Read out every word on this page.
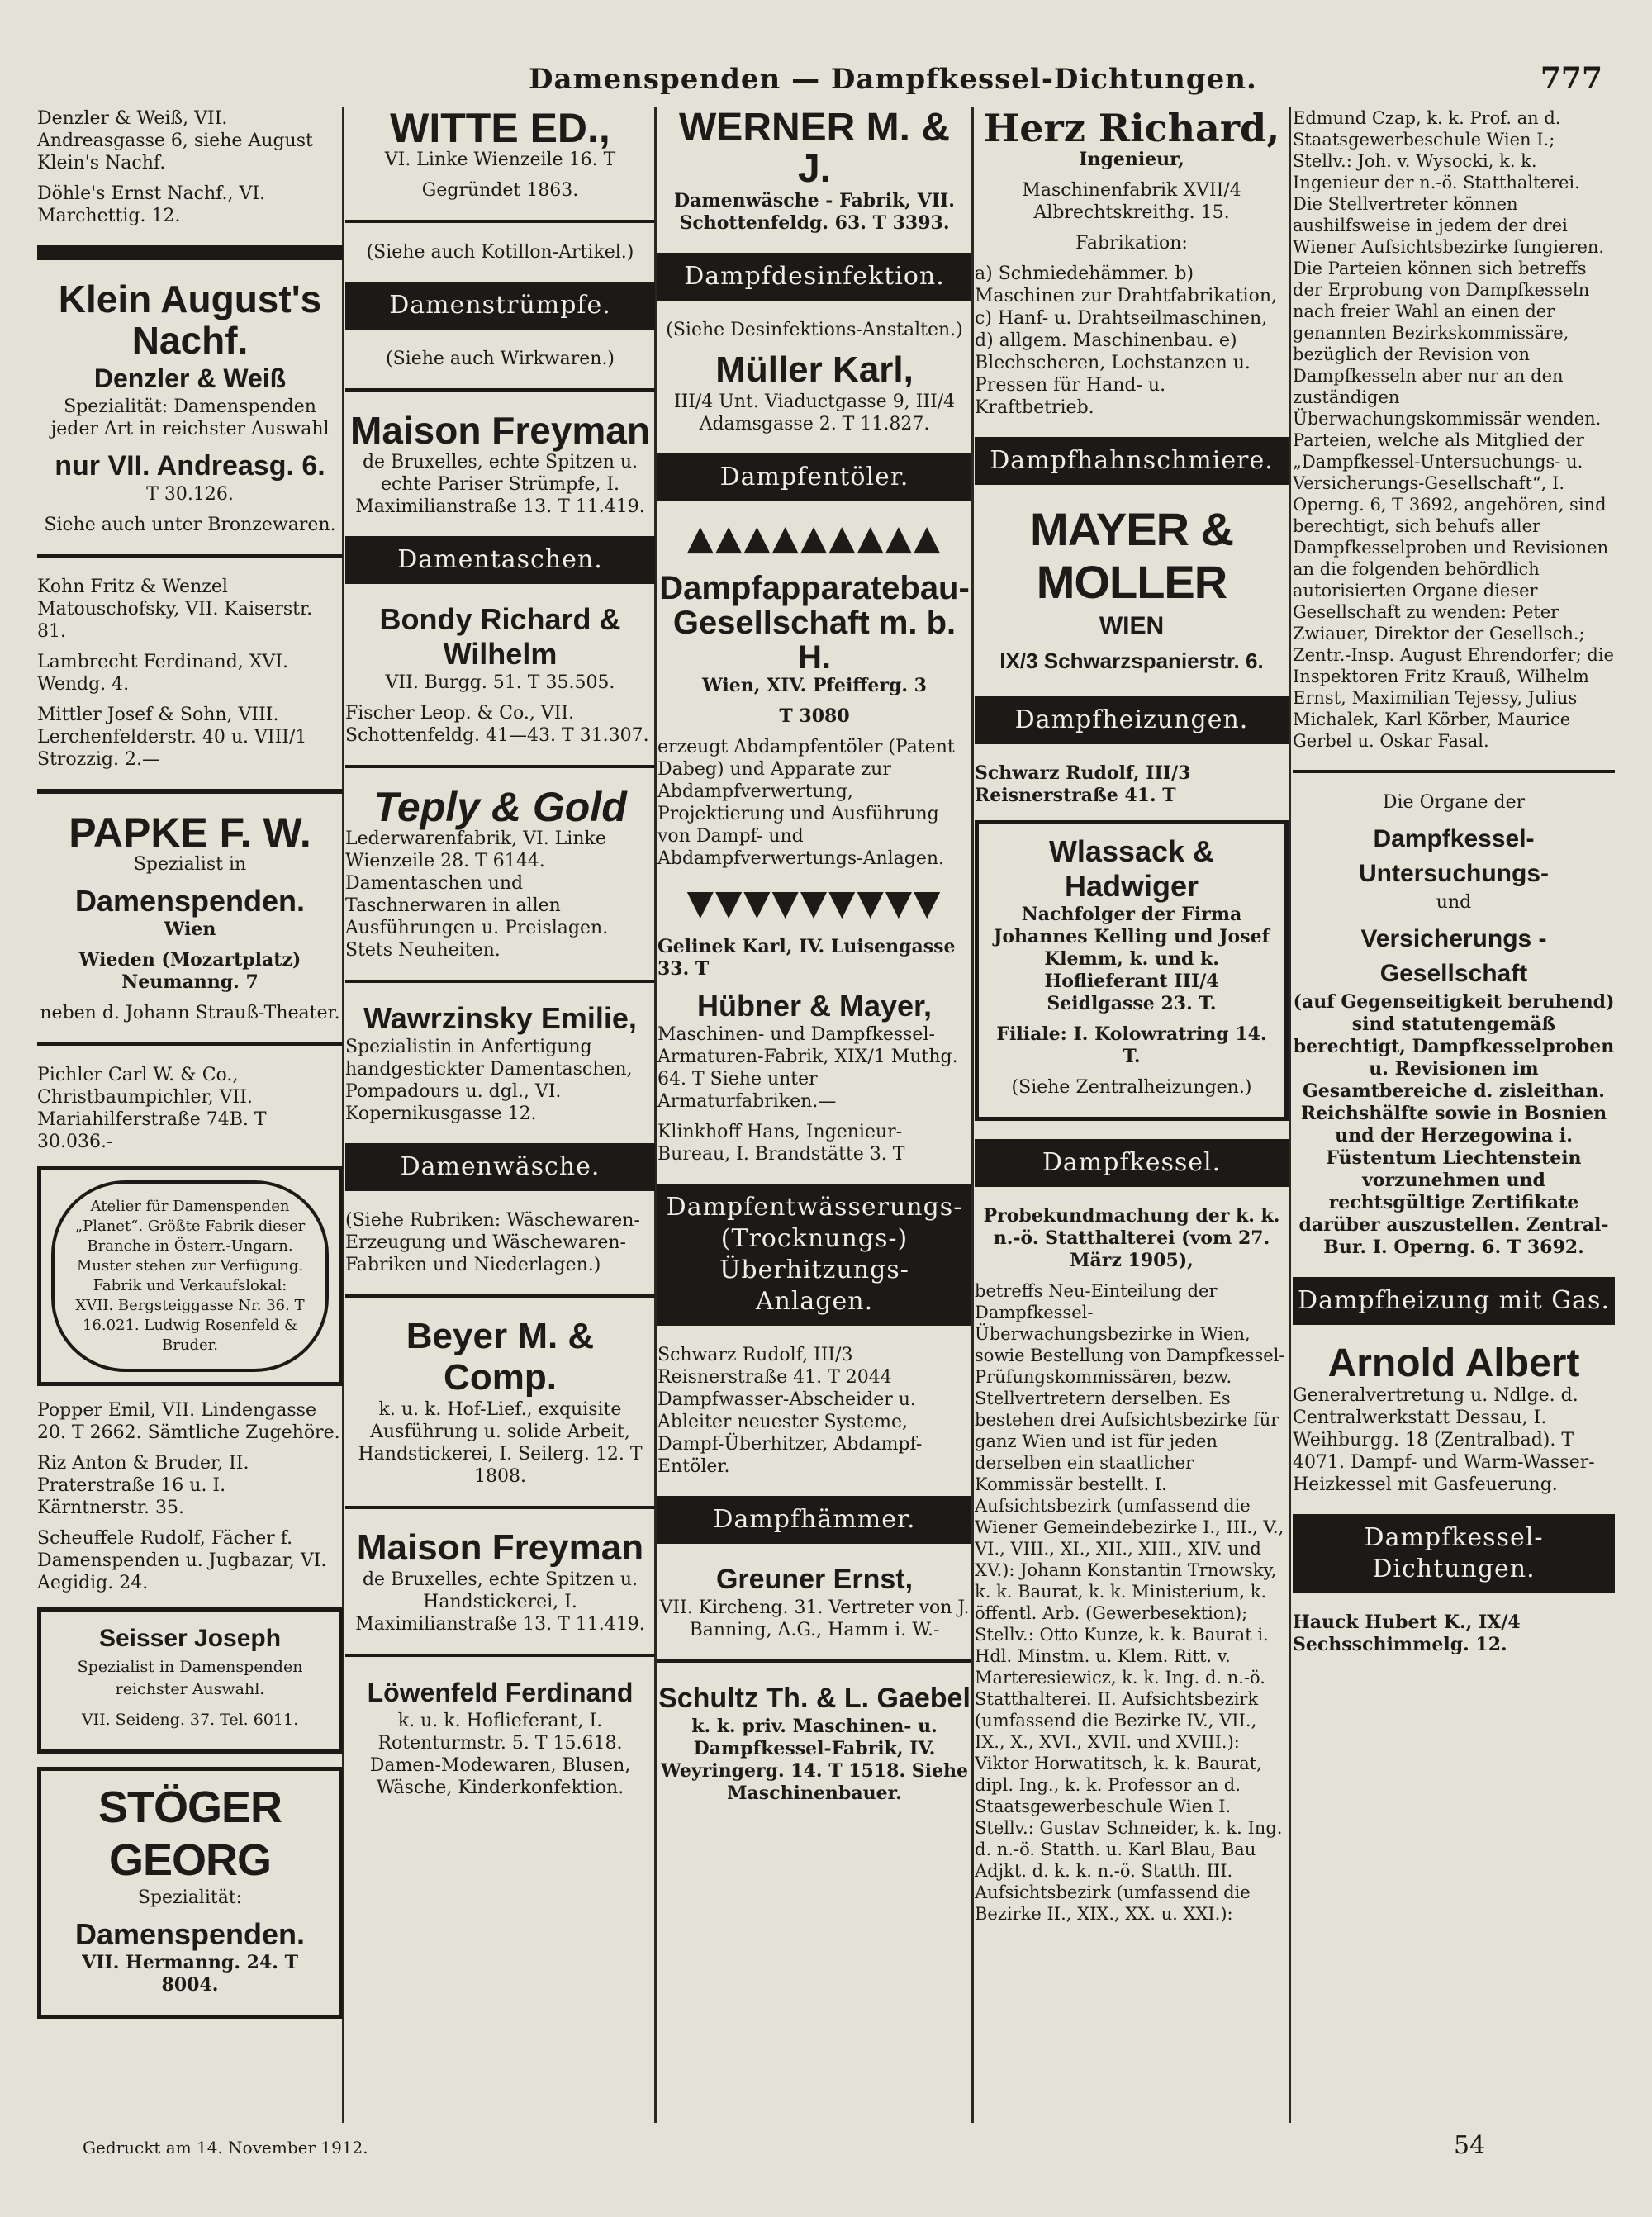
Damenspenden — Dampfkessel-Dichtungen.	777

Denzler & Weiß, VII. Andreasgasse 6, siehe August Klein's Nachf.

Döhle's Ernst Nachf., VI. Marchettig. 12.

Klein August's Nachf.
Denzler & Weiß
Spezialität: Damenspenden jeder Art in reichster Auswahl
nur VII. Andreasg. 6.
T 30.126.
Siehe auch unter Bronzewaren.

Kohn Fritz & Wenzel Matouschofsky, VII. Kaiserstr. 81.

Lambrecht Ferdinand, XVI. Wendg. 4.

Mittler Josef & Sohn, VIII. Lerchenfelderstr. 40 u. VIII/1 Strozzig. 2.—

PAPKE F. W.
Spezialist in
Damenspenden.
Wien
Wieden (Mozartplatz) Neumanng. 7
neben d. Johann Strauß-Theater.

Pichler Carl W. & Co., Christbaumpichler, VII. Mariahilferstraße 74B. T 30.036.-

Atelier für Damenspenden „Planet“. Größte Fabrik dieser Branche in Österr.-Ungarn. Muster stehen zur Verfügung. Fabrik und Verkaufslokal: XVII. Bergsteiggasse Nr. 36. T 16.021. Ludwig Rosenfeld & Bruder.

Popper Emil, VII. Lindengasse 20. T 2662. Sämtliche Zugehöre.

Riz Anton & Bruder, II. Praterstraße 16 u. I. Kärntnerstr. 35.

Scheuffele Rudolf, Fächer f. Damenspenden u. Jugbazar, VI. Aegidig. 24.

Seisser Joseph
Spezialist in Damenspenden reichster Auswahl.
VII. Seideng. 37. Tel. 6011.
STÖGER GEORG
Spezialität:
Damenspenden.
VII. Hermanng. 24. T 8004.
WITTE ED.,
VI. Linke Wienzeile 16. T
Gegründet 1863.
(Siehe auch Kotillon-Artikel.)
Damenstrümpfe.
(Siehe auch Wirkwaren.)
Maison Freyman

de Bruxelles, echte Spitzen u. echte Pariser Strümpfe, I. Maximilianstraße 13. T 11.419.

Damentaschen.
Bondy Richard & Wilhelm
VII. Burgg. 51. T 35.505.

Fischer Leop. & Co., VII. Schottenfeldg. 41—43. T 31.307.

Teply & Gold

Lederwarenfabrik, VI. Linke Wienzeile 28. T 6144. Damentaschen und Taschnerwaren in allen Ausführungen u. Preislagen. Stets Neuheiten.

Wawrzinsky Emilie,

Spezialistin in Anfertigung handgestickter Damentaschen, Pompadours u. dgl., VI. Kopernikusgasse 12.

Damenwäsche.
(Siehe Rubriken: Wäschewaren-Erzeugung und Wäschewaren-Fabriken und Niederlagen.)
Beyer M. & Comp.

k. u. k. Hof-Lief., exquisite Ausführung u. solide Arbeit, Handstickerei, I. Seilerg. 12. T 1808.

Maison Freyman

de Bruxelles, echte Spitzen u. Handstickerei, I. Maximilianstraße 13. T 11.419.

Löwenfeld Ferdinand

k. u. k. Hoflieferant, I. Rotenturmstr. 5. T 15.618. Damen-Modewaren, Blusen, Wäsche, Kinderkonfektion.

WERNER M. & J.

Damenwäsche - Fabrik, VII. Schottenfeldg. 63. T 3393.

Dampfdesinfektion.
(Siehe Desinfektions-Anstalten.)
Müller Karl,

III/4 Unt. Viaductgasse 9, III/4 Adamsgasse 2. T 11.827.

Dampfentöler.
▲▲▲▲▲▲▲▲▲
Dampfapparatebau-Gesellschaft m. b. H.
Wien, XIV. Pfeifferg. 3
T 3080

erzeugt Abdampfentöler (Patent Dabeg) und Apparate zur Abdampfverwertung, Projektierung und Ausführung von Dampf- und Abdampfverwertungs-Anlagen.

▼▼▼▼▼▼▼▼▼

Gelinek Karl, IV. Luisengasse 33. T

Hübner & Mayer,

Maschinen- und Dampfkessel-Armaturen-Fabrik, XIX/1 Muthg. 64. T Siehe unter Armaturfabriken.—

Klinkhoff Hans, Ingenieur-Bureau, I. Brandstätte 3. T

Dampfentwässerungs- (Trocknungs-) Überhitzungs-Anlagen.

Schwarz Rudolf, III/3 Reisnerstraße 41. T 2044 Dampfwasser-Abscheider u. Ableiter neuester Systeme, Dampf-Überhitzer, Abdampf-Entöler.

Dampfhämmer.
Greuner Ernst,

VII. Kircheng. 31. Vertreter von J. Banning, A.G., Hamm i. W.-

Schultz Th. & L. Gaebel

k. k. priv. Maschinen- u. Dampfkessel-Fabrik, IV. Weyringerg. 14. T 1518. Siehe Maschinenbauer.

Herz Richard,
Ingenieur,
Maschinenfabrik XVII/4 Albrechtskreithg. 15.
Fabrikation:

a) Schmiedehämmer. b) Maschinen zur Drahtfabrikation, c) Hanf- u. Drahtseilmaschinen, d) allgem. Maschinenbau. e) Blechscheren, Lochstanzen u. Pressen für Hand- u. Kraftbetrieb.

Dampfhahnschmiere.
MAYER & MOLLER
WIEN
IX/3 Schwarzspanierstr. 6.
Dampfheizungen.

Schwarz Rudolf, III/3 Reisnerstraße 41. T

Wlassack & Hadwiger
Nachfolger der Firma Johannes Kelling und Josef Klemm, k. und k. Hoflieferant III/4 Seidlgasse 23. T.
Filiale: I. Kolowratring 14. T.
(Siehe Zentralheizungen.)
Dampfkessel.

Probekundmachung der k. k. n.-ö. Statthalterei (vom 27. März 1905),

betreffs Neu-Einteilung der Dampfkessel-Überwachungsbezirke in Wien, sowie Bestellung von Dampfkessel-Prüfungskommissären, bezw. Stellvertretern derselben. Es bestehen drei Aufsichtsbezirke für ganz Wien und ist für jeden derselben ein staatlicher Kommissär bestellt. I. Aufsichtsbezirk (umfassend die Wiener Gemeindebezirke I., III., V., VI., VIII., XI., XII., XIII., XIV. und XV.): Johann Konstantin Trnowsky, k. k. Baurat, k. k. Ministerium, k. öffentl. Arb. (Gewerbesektion); Stellv.: Otto Kunze, k. k. Baurat i. Hdl. Minstm. u. Klem. Ritt. v. Marteresiewicz, k. k. Ing. d. n.-ö. Statthalterei. II. Aufsichtsbezirk (umfassend die Bezirke IV., VII., IX., X., XVI., XVII. und XVIII.): Viktor Horwatitsch, k. k. Baurat, dipl. Ing., k. k. Professor an d. Staatsgewerbeschule Wien I. Stellv.: Gustav Schneider, k. k. Ing. d. n.-ö. Statth. u. Karl Blau, Bau Adjkt. d. k. k. n.-ö. Statth. III. Aufsichtsbezirk (umfassend die Bezirke II., XIX., XX. u. XXI.):

Edmund Czap, k. k. Prof. an d. Staatsgewerbeschule Wien I.; Stellv.: Joh. v. Wysocki, k. k. Ingenieur der n.-ö. Statthalterei. Die Stellvertreter können aushilfsweise in jedem der drei Wiener Aufsichtsbezirke fungieren. Die Parteien können sich betreffs der Erprobung von Dampfkesseln nach freier Wahl an einen der genannten Bezirkskommissäre, bezüglich der Revision von Dampfkesseln aber nur an den zuständigen Überwachungskommissär wenden. Parteien, welche als Mitglied der „Dampfkessel-Untersuchungs- u. Versicherungs-Gesellschaft“, I. Operng. 6, T 3692, angehören, sind berechtigt, sich behufs aller Dampfkesselproben und Revisionen an die folgenden behördlich autorisierten Organe dieser Gesellschaft zu wenden: Peter Zwiauer, Direktor der Gesellsch.; Zentr.-Insp. August Ehrendorfer; die Inspektoren Fritz Krauß, Wilhelm Ernst, Maximilian Tejessy, Julius Michalek, Karl Körber, Maurice Gerbel u. Oskar Fasal.

Die Organe der
Dampfkessel-Untersuchungs-
und
Versicherungs - Gesellschaft

(auf Gegenseitigkeit beruhend) sind statutengemäß berechtigt, Dampfkesselproben u. Revisionen im Gesamtbereiche d. zisleithan. Reichshälfte sowie in Bosnien und der Herzegowina i. Füstentum Liechtenstein vorzunehmen und rechtsgültige Zertifikate darüber auszustellen. Zentral-Bur. I. Operng. 6. T 3692.

Dampfheizung mit Gas.
Arnold Albert

Generalvertretung u. Ndlge. d. Centralwerkstatt Dessau, I. Weihburgg. 18 (Zentralbad). T 4071. Dampf- und Warm-Wasser-Heizkessel mit Gasfeuerung.

Dampfkessel-Dichtungen.

Hauck Hubert K., IX/4 Sechsschimmelg. 12.

Gedruckt am 14. November 1912.	54
